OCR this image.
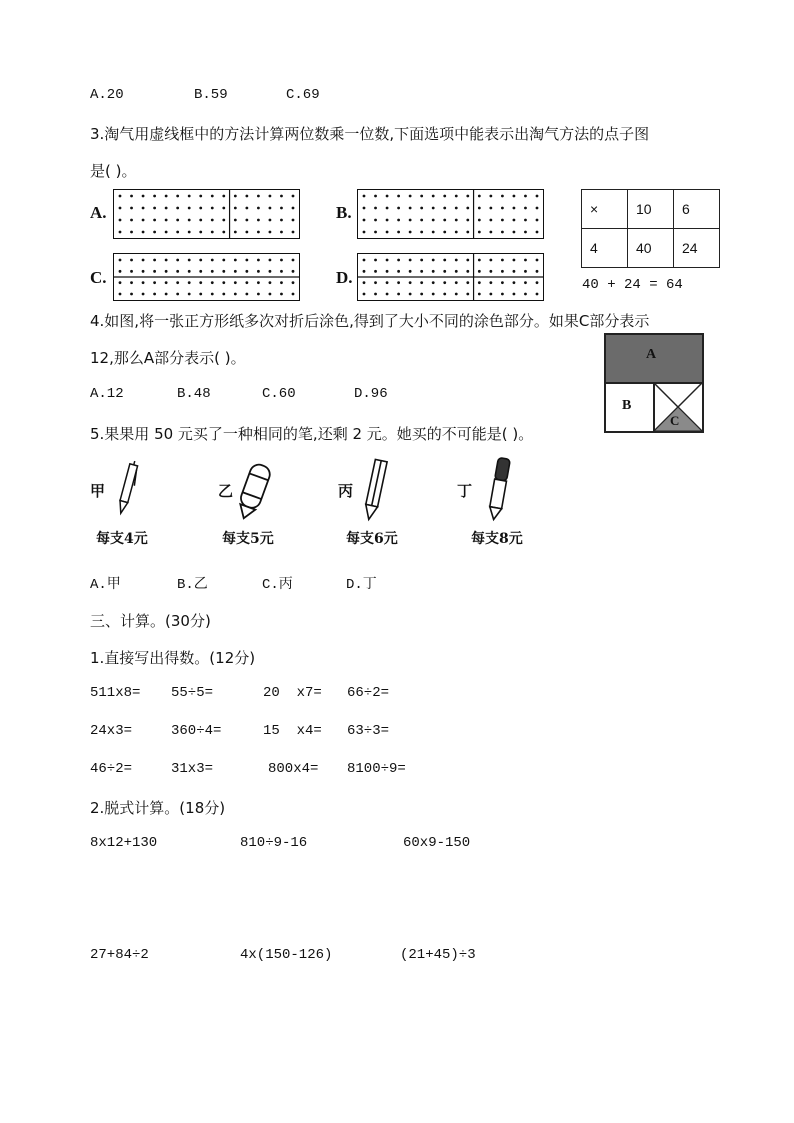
A.20	B.59	C.69
3.淘气用虚线框中的方法计算两位数乘一位数,下面选项中能表示出淘气方法的点子图
是( )。
A.	B.
C.	D.
×	10	6
4	40	24
40 + 24 = 64
4.如图,将一张正方形纸多次对折后涂色,得到了大小不同的涂色部分。如果C部分表示
12,那么A部分表示( )。
A.12	B.48	C.60	D.96
A
B
C
5.果果用 50 元买了一种相同的笔,还剩 2 元。她买的不可能是( )。
甲
每支4元
乙
每支5元
丙
每支6元
丁
每支8元
A.甲	B.乙	C.丙	D.丁
三、计算。(30分)
1.直接写出得数。(12分)
511x8= 55÷5=	20  x7= 66÷2=
24x3=	360÷4=	15  x4= 63÷3=
46÷2=	31x3=	800x4= 8100÷9=
2.脱式计算。(18分)
8x12+130	810÷9-16	60x9-150
27+84÷2	4x(150-126)	(21+45)÷3
